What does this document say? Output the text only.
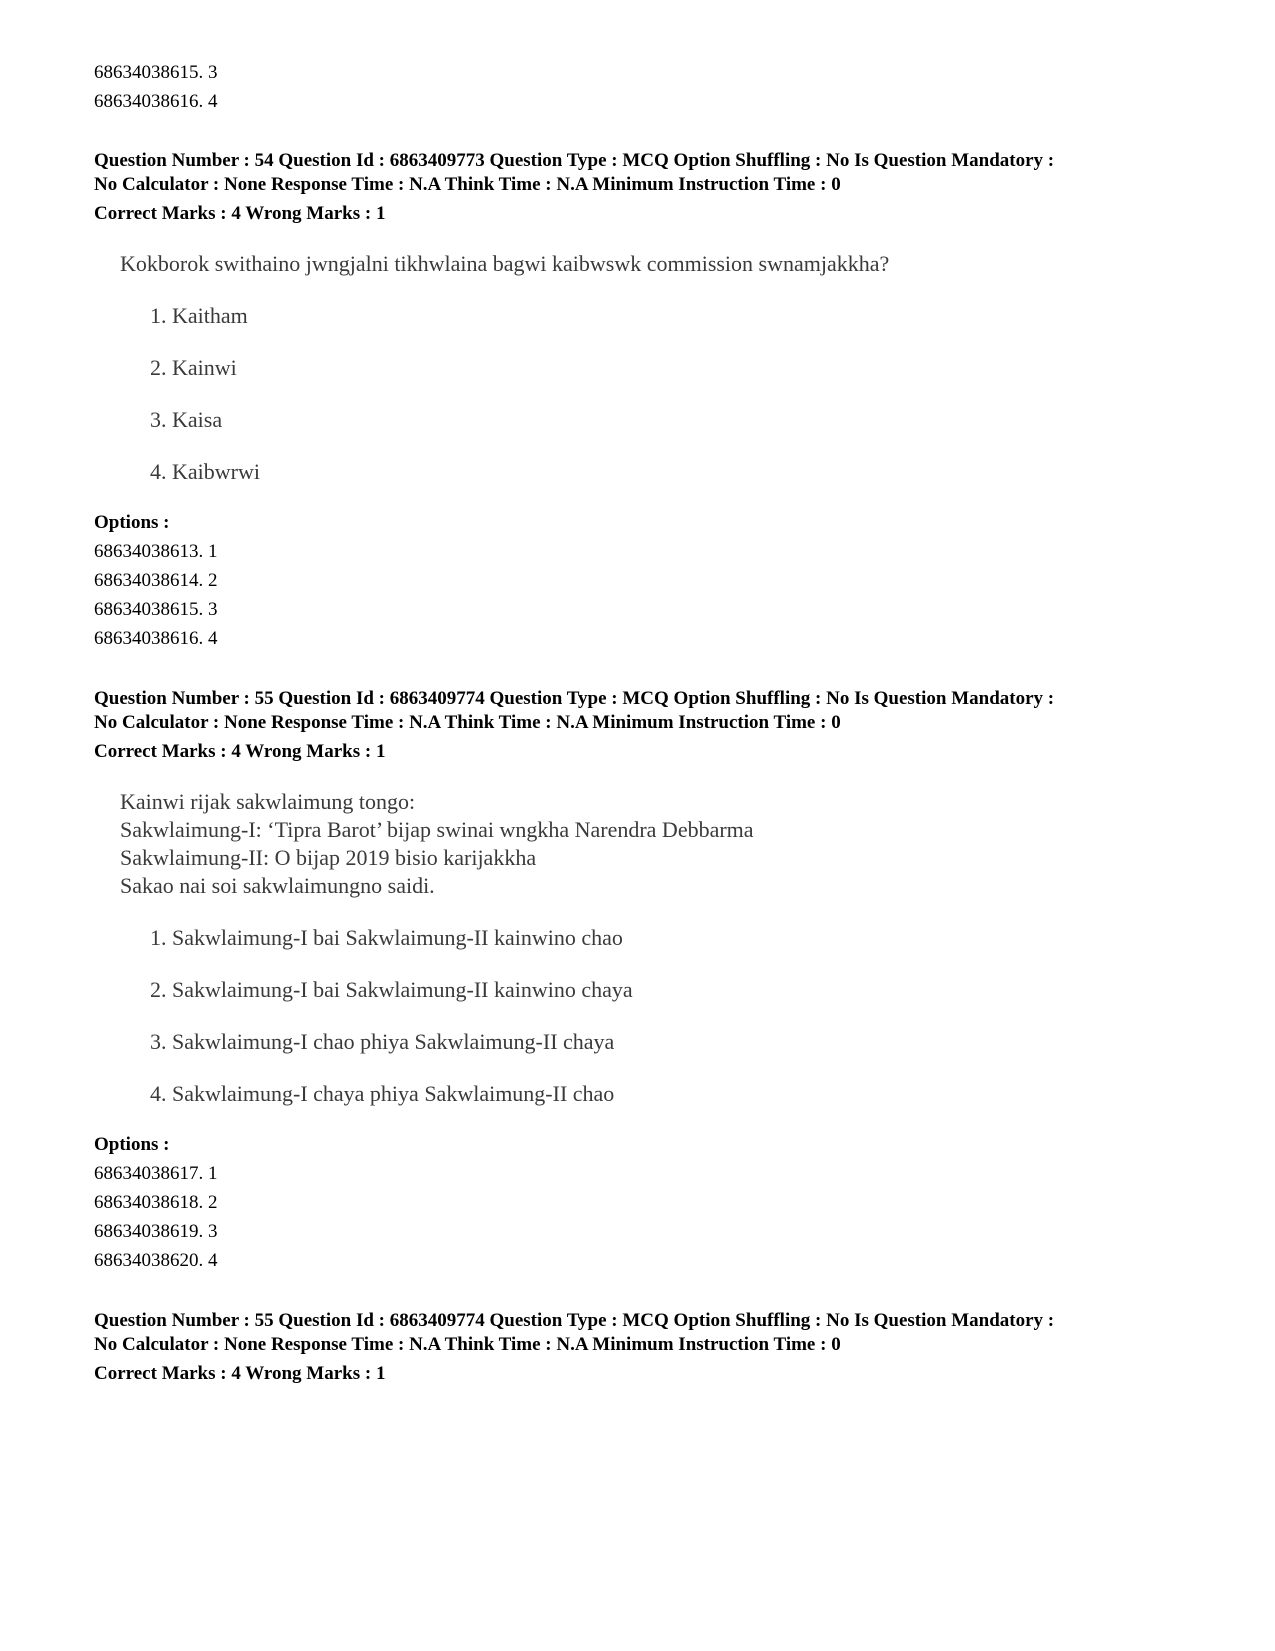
68634038615. 3
68634038616. 4
Question Number : 54 Question Id : 6863409773 Question Type : MCQ Option Shuffling : No Is Question Mandatory :
No Calculator : None Response Time : N.A Think Time : N.A Minimum Instruction Time : 0
Correct Marks : 4 Wrong Marks : 1
Kokborok swithaino jwngjalni tikhwlaina bagwi kaibwswk commission swnamjakkha?
1. Kaitham
2. Kainwi
3. Kaisa
4. Kaibwrwi
Options :
68634038613. 1
68634038614. 2
68634038615. 3
68634038616. 4
Question Number : 55 Question Id : 6863409774 Question Type : MCQ Option Shuffling : No Is Question Mandatory :
No Calculator : None Response Time : N.A Think Time : N.A Minimum Instruction Time : 0
Correct Marks : 4 Wrong Marks : 1
Kainwi rijak sakwlaimung tongo:
Sakwlaimung-I: ‘Tipra Barot’ bijap swinai wngkha Narendra Debbarma
Sakwlaimung-II: O bijap 2019 bisio karijakkha
Sakao nai soi sakwlaimungno saidi.
1. Sakwlaimung-I bai Sakwlaimung-II kainwino chao
2. Sakwlaimung-I bai Sakwlaimung-II kainwino chaya
3. Sakwlaimung-I chao phiya Sakwlaimung-II chaya
4. Sakwlaimung-I chaya phiya Sakwlaimung-II chao
Options :
68634038617. 1
68634038618. 2
68634038619. 3
68634038620. 4
Question Number : 55 Question Id : 6863409774 Question Type : MCQ Option Shuffling : No Is Question Mandatory :
No Calculator : None Response Time : N.A Think Time : N.A Minimum Instruction Time : 0
Correct Marks : 4 Wrong Marks : 1
